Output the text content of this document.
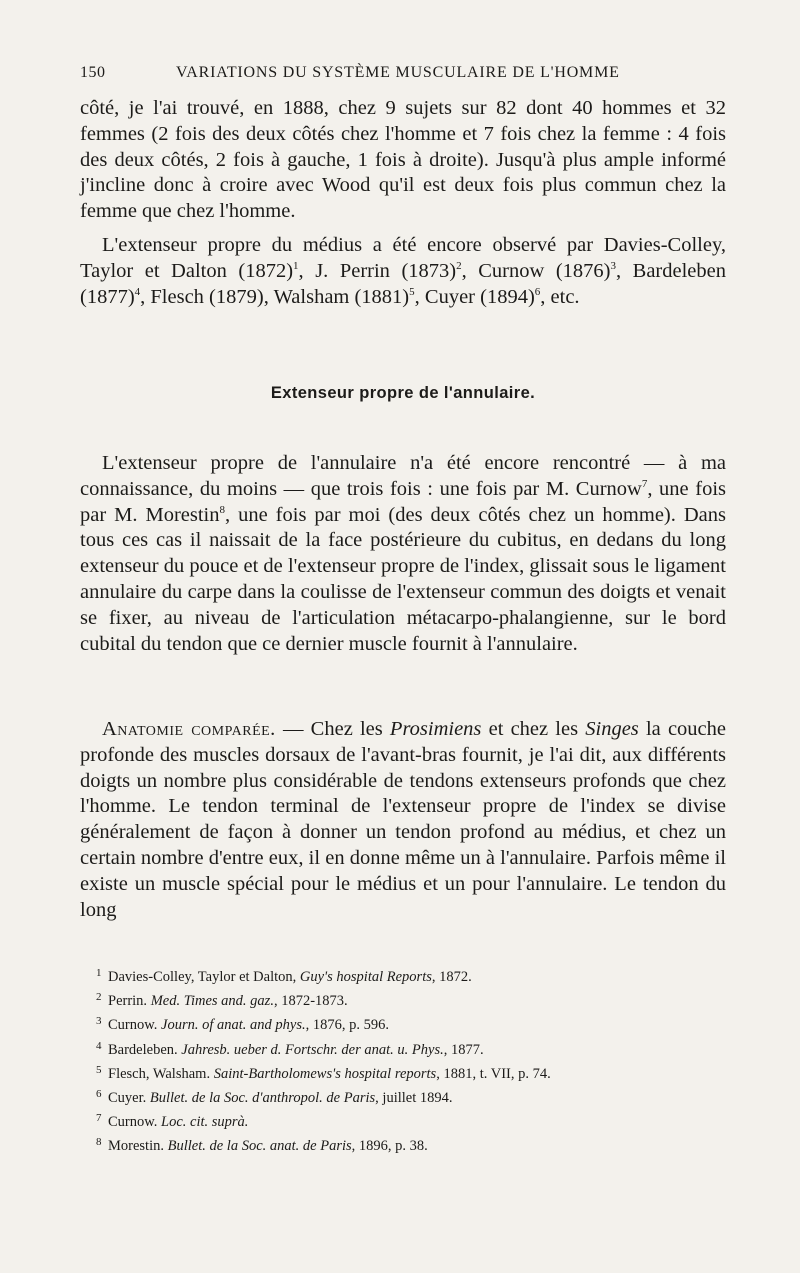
150	VARIATIONS DU SYSTÈME MUSCULAIRE DE L'HOMME

côté, je l'ai trouvé, en 1888, chez 9 sujets sur 82 dont 40 hommes et 32 femmes (2 fois des deux côtés chez l'homme et 7 fois chez la femme : 4 fois des deux côtés, 2 fois à gauche, 1 fois à droite). Jusqu'à plus ample informé j'incline donc à croire avec Wood qu'il est deux fois plus commun chez la femme que chez l'homme.

L'extenseur propre du médius a été encore observé par Davies-Colley, Taylor et Dalton $(1872)^1$, J. Perrin $(1873)^2$, Curnow $(1876)^3$, Bardeleben $(1877)^4$, Flesch (1879), Walsham $(1881)^5$, Cuyer $(1894)^6$, etc.

Extenseur propre de l'annulaire.

L'extenseur propre de l'annulaire n'a été encore rencontré — à ma connaissance, du moins — que trois fois : une fois par M. Curnow$^7$, une fois par M. Morestin$^8$, une fois par moi (des deux côtés chez un homme). Dans tous ces cas il naissait de la face postérieure du cubitus, en dedans du long extenseur du pouce et de l'extenseur propre de l'index, glissait sous le ligament annulaire du carpe dans la coulisse de l'extenseur commun des doigts et venait se fixer, au niveau de l'articulation métacarpo-phalangienne, sur le bord cubital du tendon que ce dernier muscle fournit à l'annulaire.

Anatomie comparée. — Chez les Prosimiens et chez les Singes la couche profonde des muscles dorsaux de l'avant-bras fournit, je l'ai dit, aux différents doigts un nombre plus considérable de tendons extenseurs profonds que chez l'homme. Le tendon terminal de l'extenseur propre de l'index se divise généralement de façon à donner un tendon profond au médius, et chez un certain nombre d'entre eux, il en donne même un à l'annulaire. Parfois même il existe un muscle spécial pour le médius et un pour l'annulaire. Le tendon du long

1 Davies-Colley, Taylor et Dalton, Guy's hospital Reports, 1872.

2 Perrin. Med. Times and. gaz., 1872-1873.

3 Curnow. Journ. of anat. and phys., 1876, p. 596.

4 Bardeleben. Jahresb. ueber d. Fortschr. der anat. u. Phys., 1877.

5 Flesch, Walsham. Saint-Bartholomews's hospital reports, 1881, t. VII, p. 74.

6 Cuyer. Bullet. de la Soc. d'anthropol. de Paris, juillet 1894.

7 Curnow. Loc. cit. suprà.

8 Morestin. Bullet. de la Soc. anat. de Paris, 1896, p. 38.
